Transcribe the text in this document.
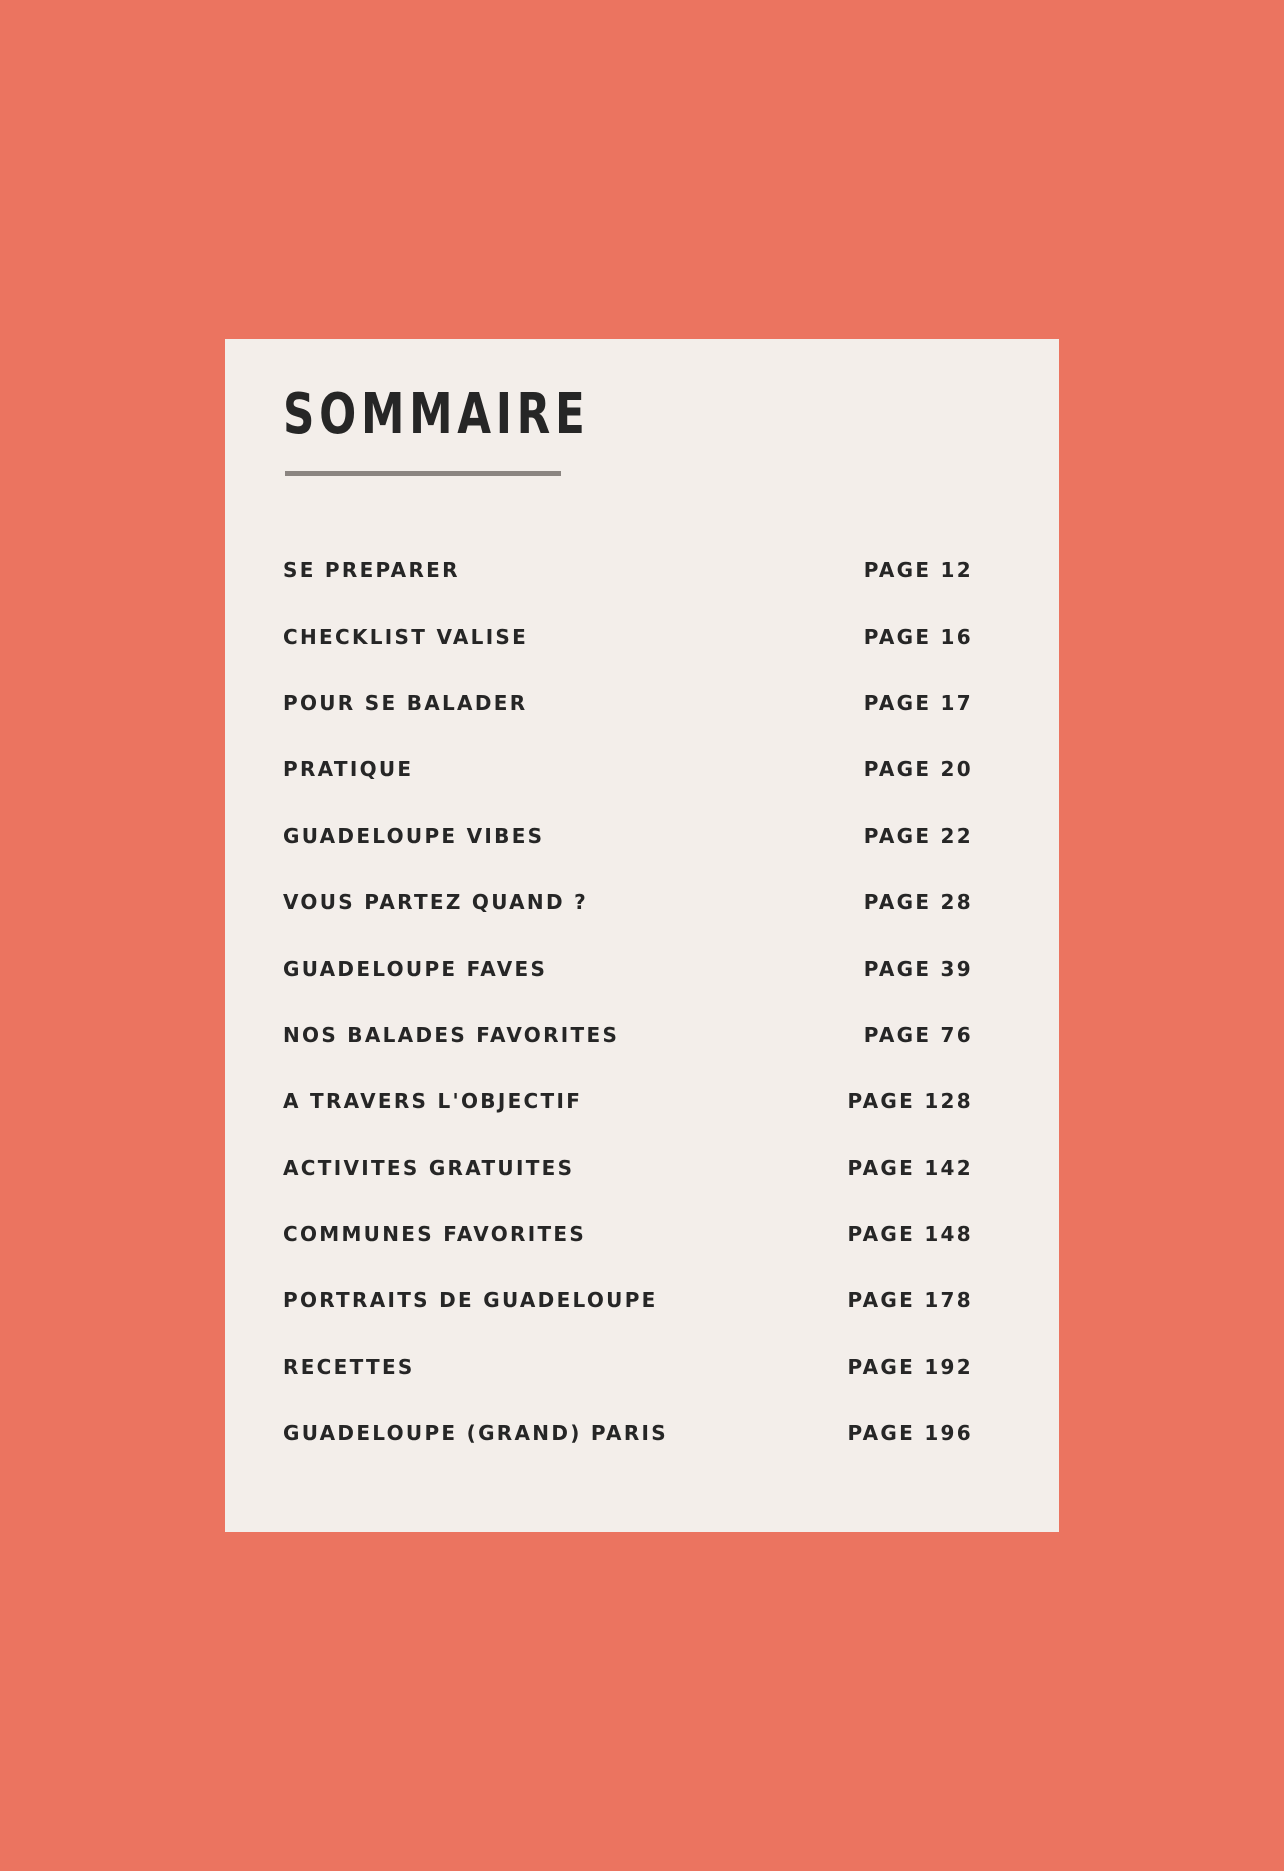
SOMMAIRE
SE PREPARER	PAGE 12
CHECKLIST VALISE	PAGE 16
POUR SE BALADER	PAGE 17
PRATIQUE	PAGE 20
GUADELOUPE VIBES	PAGE 22
VOUS PARTEZ QUAND ?	PAGE 28
GUADELOUPE FAVES	PAGE 39
NOS BALADES FAVORITES	PAGE 76
A TRAVERS L'OBJECTIF	PAGE 128
ACTIVITES GRATUITES	PAGE 142
COMMUNES FAVORITES	PAGE 148
PORTRAITS DE GUADELOUPE	PAGE 178
RECETTES	PAGE 192
GUADELOUPE (GRAND) PARIS	PAGE 196
